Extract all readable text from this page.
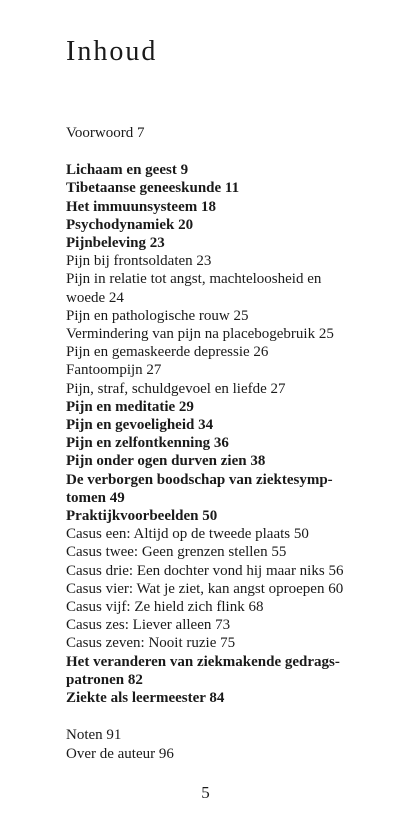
Inhoud
Voorwoord 7
Lichaam en geest 9
Tibetaanse geneeskunde 11
Het immuunsysteem 18
Psychodynamiek 20
Pijnbeleving 23
Pijn bij frontsoldaten 23
Pijn in relatie tot angst, machteloosheid en
woede 24
Pijn en pathologische rouw 25
Vermindering van pijn na placebogebruik 25
Pijn en gemaskeerde depressie 26
Fantoompijn 27
Pijn, straf, schuldgevoel en liefde 27
Pijn en meditatie 29
Pijn en gevoeligheid 34
Pijn en zelfontkenning 36
Pijn onder ogen durven zien 38
De verborgen boodschap van ziektesymp-
tomen 49
Praktijkvoorbeelden 50
Casus een: Altijd op de tweede plaats 50
Casus twee: Geen grenzen stellen 55
Casus drie: Een dochter vond hij maar niks 56
Casus vier: Wat je ziet, kan angst oproepen 60
Casus vijf: Ze hield zich flink 68
Casus zes: Liever alleen 73
Casus zeven: Nooit ruzie 75
Het veranderen van ziekmakende gedrags-
patronen 82
Ziekte als leermeester 84
Noten 91
Over de auteur 96
5
